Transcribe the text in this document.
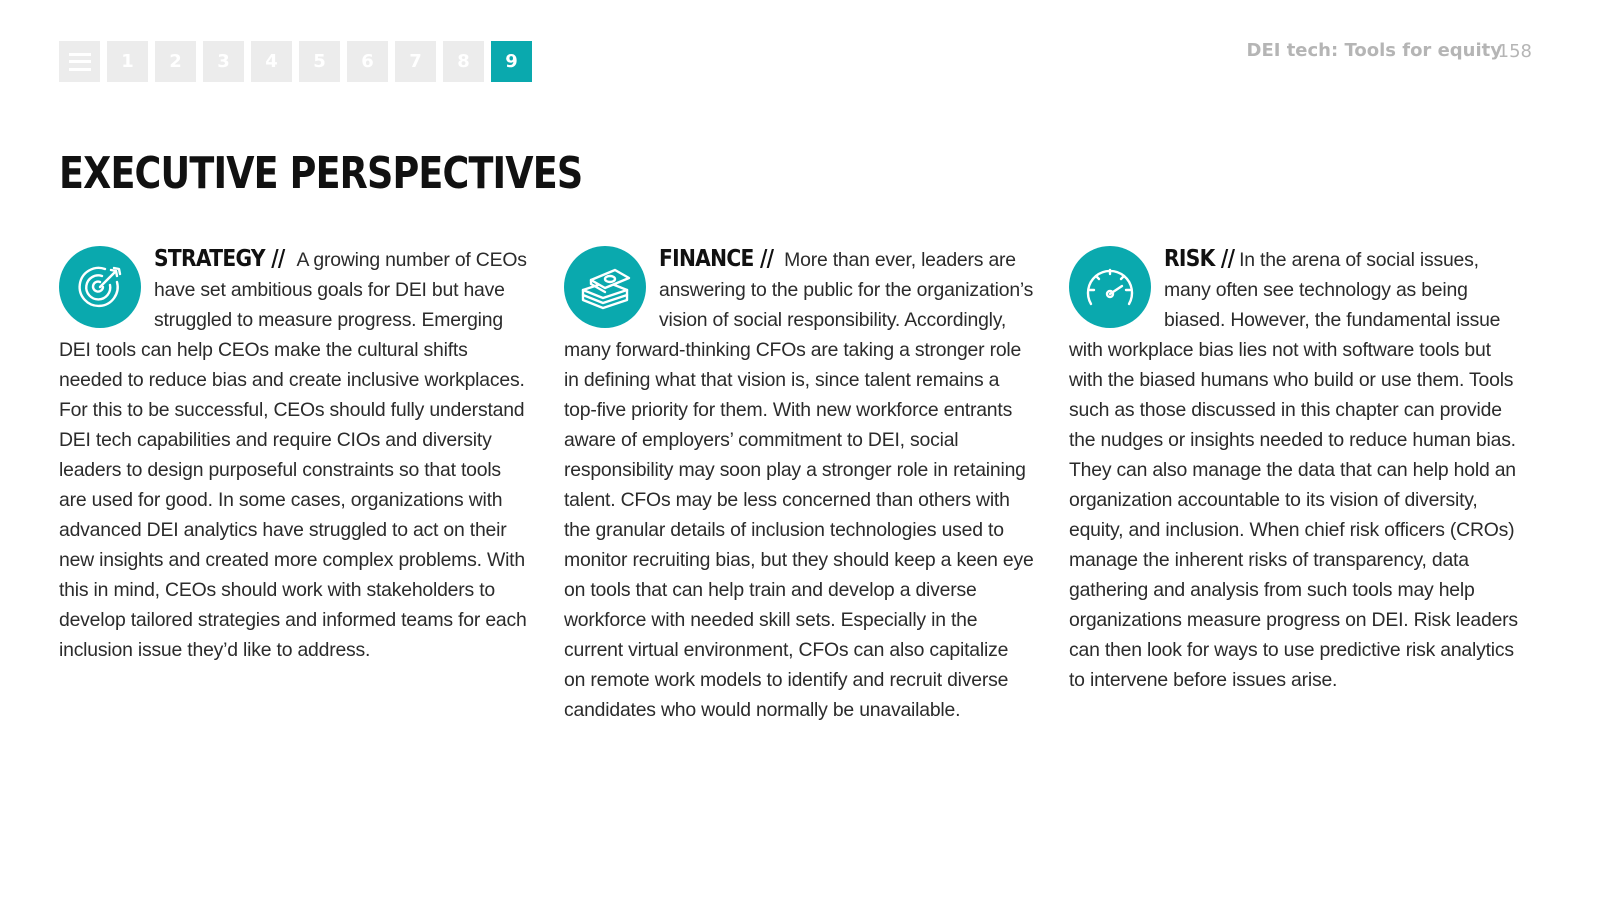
1	2	3	4	5	6	7	8	9
DEI tech: Tools for equity
158
EXECUTIVE PERSPECTIVES
STRATEGY // A growing number of CEOs have set ambitious goals for DEI but have struggled to measure progress. Emerging DEI tools can help CEOs make the cultural shifts needed to reduce bias and create inclusive workplaces. For this to be successful, CEOs should fully understand DEI tech capabilities and require CIOs and diversity leaders to design purposeful constraints so that tools are used for good. In some cases, organizations with advanced DEI analytics have struggled to act on their new insights and created more complex problems. With this in mind, CEOs should work with stakeholders to develop tailored strategies and informed teams for each inclusion issue they’d like to address.
FINANCE // More than ever, leaders are answering to the public for the organization’s vision of social responsibility. Accordingly, many forward-thinking CFOs are taking a stronger role in defining what that vision is, since talent remains a top-five priority for them. With new workforce entrants aware of employers’ commitment to DEI, social responsibility may soon play a stronger role in retaining talent. CFOs may be less concerned than others with the granular details of inclusion technologies used to monitor recruiting bias, but they should keep a keen eye on tools that can help train and develop a diverse workforce with needed skill sets. Especially in the current virtual environment, CFOs can also capitalize on remote work models to identify and recruit diverse candidates who would normally be unavailable.
RISK // In the arena of social issues, many often see technology as being biased. However, the fundamental issue with workplace bias lies not with software tools but with the biased humans who build or use them. Tools such as those discussed in this chapter can provide the nudges or insights needed to reduce human bias. They can also manage the data that can help hold an organization accountable to its vision of diversity, equity, and inclusion. When chief risk officers (CROs) manage the inherent risks of transparency, data gathering and analysis from such tools may help organizations measure progress on DEI. Risk leaders can then look for ways to use predictive risk analytics to intervene before issues arise.
